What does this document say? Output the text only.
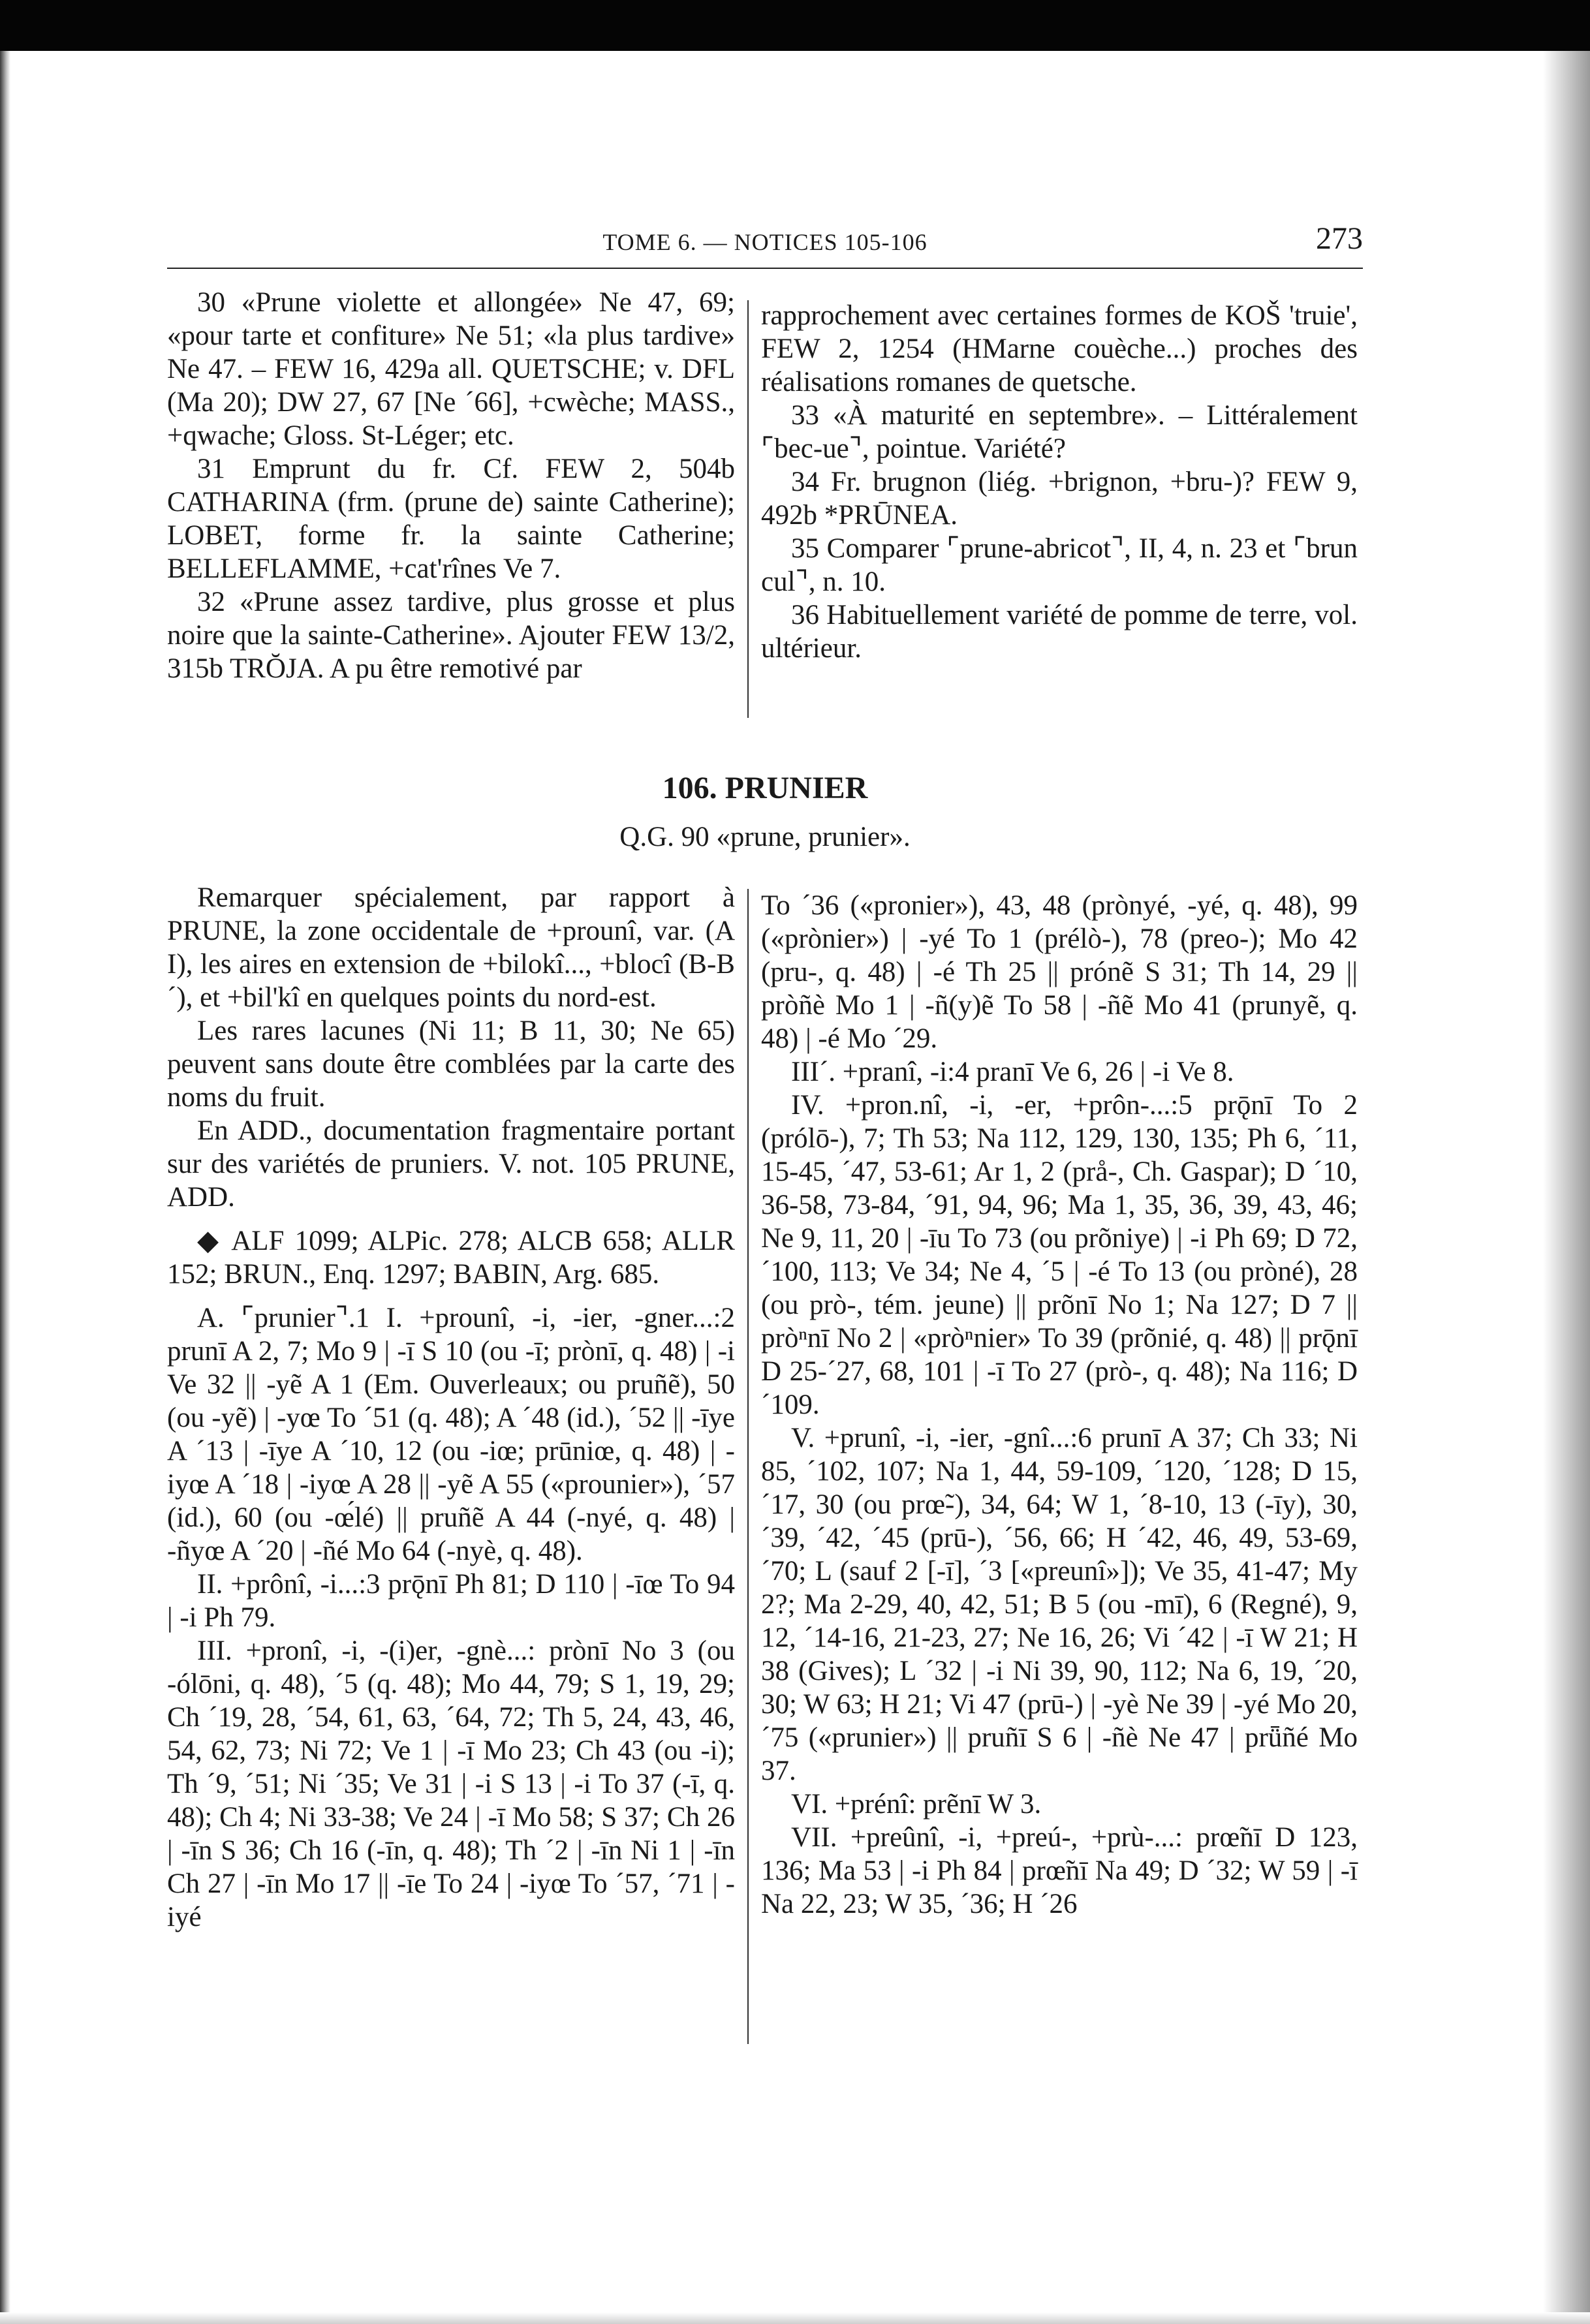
TOME 6. — NOTICES 105-106	273

30 «Prune violette et allongée» Ne 47, 69; «pour tarte et confiture» Ne 51; «la plus tardive» Ne 47. – FEW 16, 429a all. QUETSCHE; v. DFL (Ma 20); DW 27, 67 [Ne ´66], +cwèche; MASS., +qwache; Gloss. St-Léger; etc.

31 Emprunt du fr. Cf. FEW 2, 504b CATHARINA (frm. (prune de) sainte Catherine); LOBET, forme fr. la sainte Catherine; BELLEFLAMME, +cat'rînes Ve 7.

32 «Prune assez tardive, plus grosse et plus noire que la sainte-Catherine». Ajouter FEW 13/2, 315b TRŎJA. A pu être remotivé par

rapprochement avec certaines formes de KOŠ 'truie', FEW 2, 1254 (HMarne couèche...) proches des réalisations romanes de quetsche.

33 «À maturité en septembre». – Littéralement ⌜bec-ue⌝, pointue. Variété?

34 Fr. brugnon (liég. +brignon, +bru-)? FEW 9, 492b *PRŪNEA.

35 Comparer ⌜prune-abricot⌝, II, 4, n. 23 et ⌜brun cul⌝, n. 10.

36 Habituellement variété de pomme de terre, vol. ultérieur.

106. PRUNIER
Q.G. 90 «prune, prunier».

Remarquer spécialement, par rapport à PRUNE, la zone occidentale de +prounî, var. (A I), les aires en extension de +bilokî..., +blocî (B-B´), et +bil'kî en quelques points du nord-est.

Les rares lacunes (Ni 11; B 11, 30; Ne 65) peuvent sans doute être comblées par la carte des noms du fruit.

En ADD., documentation fragmentaire portant sur des variétés de pruniers. V. not. 105 PRUNE, ADD.

◆ ALF 1099; ALPic. 278; ALCB 658; ALLR 152; BRUN., Enq. 1297; BABIN, Arg. 685.

A. ⌜prunier⌝.1 I. +prounî, -i, -ier, -gner...:2 prunī A 2, 7; Mo 9 | -ī S 10 (ou -ī; prònī, q. 48) | -i Ve 32 || -yẽ A 1 (Em. Ouverleaux; ou pruñẽ), 50 (ou -yẽ) | -yœ To ´51 (q. 48); A ´48 (id.), ´52 || -īye A ´13 | -īye A ´10, 12 (ou -iœ; prūniœ, q. 48) | -iyœ A ´18 | -iyœ A 28 || -yẽ A 55 («prounier»), ´57 (id.), 60 (ou -œ́lé) || pruñẽ A 44 (-nyé, q. 48) | -ñyœ A ´20 | -ñé Mo 64 (-nyè, q. 48).

II. +prônî, -i...:3 prǭnī Ph 81; D 110 | -īœ To 94 | -i Ph 79.

III. +pronî, -i, -(i)er, -gnè...: prònī No 3 (ou -ólōni, q. 48), ´5 (q. 48); Mo 44, 79; S 1, 19, 29; Ch ´19, 28, ´54, 61, 63, ´64, 72; Th 5, 24, 43, 46, 54, 62, 73; Ni 72; Ve 1 | -ī Mo 23; Ch 43 (ou -i); Th ´9, ´51; Ni ´35; Ve 31 | -i S 13 | -i To 37 (-ī, q. 48); Ch 4; Ni 33-38; Ve 24 | -ī Mo 58; S 37; Ch 26 | -īn S 36; Ch 16 (-īn, q. 48); Th ´2 | -īn Ni 1 | -īn Ch 27 | -īn Mo 17 || -īe To 24 | -iyœ To ´57, ´71 | -iyé

To ´36 («pronier»), 43, 48 (prònyé, -yé, q. 48), 99 («prònier») | -yé To 1 (prélò-), 78 (preo-); Mo 42 (pru-, q. 48) | -é Th 25 || prónẽ S 31; Th 14, 29 || pròñè Mo 1 | -ñ(y)ẽ To 58 | -ñẽ Mo 41 (prunyẽ, q. 48) | -é Mo ´29.

III´. +pranî, -i:4 pranī Ve 6, 26 | -i Ve 8.

IV. +pron.nî, -i, -er, +prôn-...:5 prǭnī To 2 (prólō-), 7; Th 53; Na 112, 129, 130, 135; Ph 6, ´11, 15-45, ´47, 53-61; Ar 1, 2 (prå-, Ch. Gaspar); D ´10, 36-58, 73-84, ´91, 94, 96; Ma 1, 35, 36, 39, 43, 46; Ne 9, 11, 20 | -īu To 73 (ou prõniye) | -i Ph 69; D 72, ´100, 113; Ve 34; Ne 4, ´5 | -é To 13 (ou pròné), 28 (ou prò-, tém. jeune) || prõnī No 1; Na 127; D 7 || pròⁿnī No 2 | «pròⁿnier» To 39 (prõnié, q. 48) || prǭnī D 25-´27, 68, 101 | -ī To 27 (prò-, q. 48); Na 116; D ´109.

V. +prunî, -i, -ier, -gnî...:6 prunī A 37; Ch 33; Ni 85, ´102, 107; Na 1, 44, 59-109, ´120, ´128; D 15, ´17, 30 (ou prœ̃-), 34, 64; W 1, ´8-10, 13 (-īy), 30, ´39, ´42, ´45 (prū-), ´56, 66; H ´42, 46, 49, 53-69, ´70; L (sauf 2 [-ī], ´3 [«preunî»]); Ve 35, 41-47; My 2?; Ma 2-29, 40, 42, 51; B 5 (ou -mī), 6 (Regné), 9, 12, ´14-16, 21-23, 27; Ne 16, 26; Vi ´42 | -ī W 21; H 38 (Gives); L ´32 | -i Ni 39, 90, 112; Na 6, 19, ´20, 30; W 63; H 21; Vi 47 (prū-) | -yè Ne 39 | -yé Mo 20, ´75 («prunier») || pruñī S 6 | -ñè Ne 47 | prǖñé Mo 37.

VI. +prénî: prẽnī W 3.

VII. +preûnî, -i, +preú-, +prù-...: prœ̃nī D 123, 136; Ma 53 | -i Ph 84 | prœ̃nī Na 49; D ´32; W 59 | -ī Na 22, 23; W 35, ´36; H ´26
